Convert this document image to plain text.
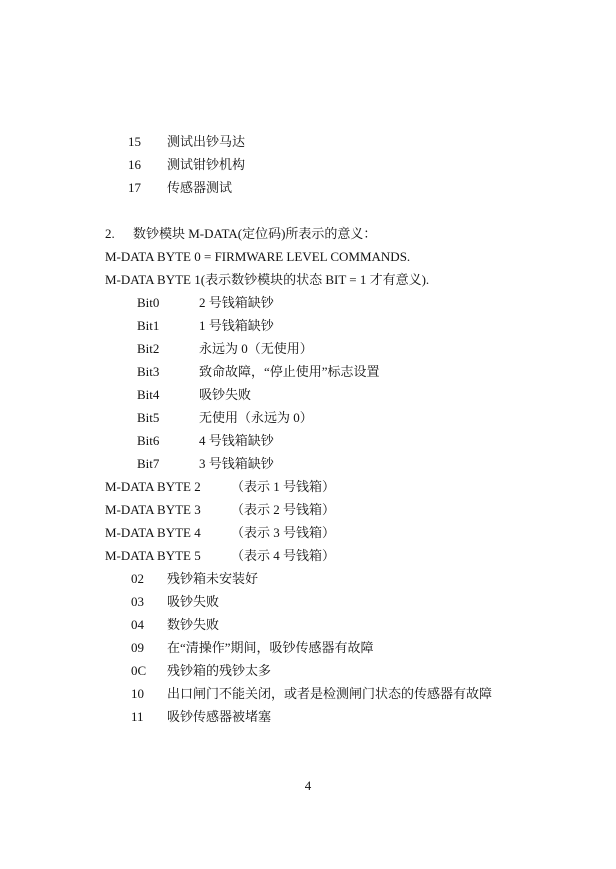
15 测试出钞马达
16 测试钳钞机构
17 传感器测试
2. 数钞模块 M-DATA(定位码)所表示的意义：
M-DATA BYTE 0 = FIRMWARE LEVEL COMMANDS.
M-DATA BYTE 1(表示数钞模块的状态 BIT = 1 才有意义).
Bit0	2 号钱箱缺钞
Bit1	1 号钱箱缺钞
Bit2	永远为 0（无使用）
Bit3	致命故障，“停止使用”标志设置
Bit4	吸钞失败
Bit5	无使用（永远为 0）
Bit6	4 号钱箱缺钞
Bit7	3 号钱箱缺钞
M-DATA BYTE 2 （表示 1 号钱箱）
M-DATA BYTE 3 （表示 2 号钱箱）
M-DATA BYTE 4 （表示 3 号钱箱）
M-DATA BYTE 5 （表示 4 号钱箱）
02 残钞箱未安装好
03 吸钞失败
04 数钞失败
09 在“清操作”期间，吸钞传感器有故障
0C 残钞箱的残钞太多
10 出口闸门不能关闭，或者是检测闸门状态的传感器有故障
11 吸钞传感器被堵塞
4
